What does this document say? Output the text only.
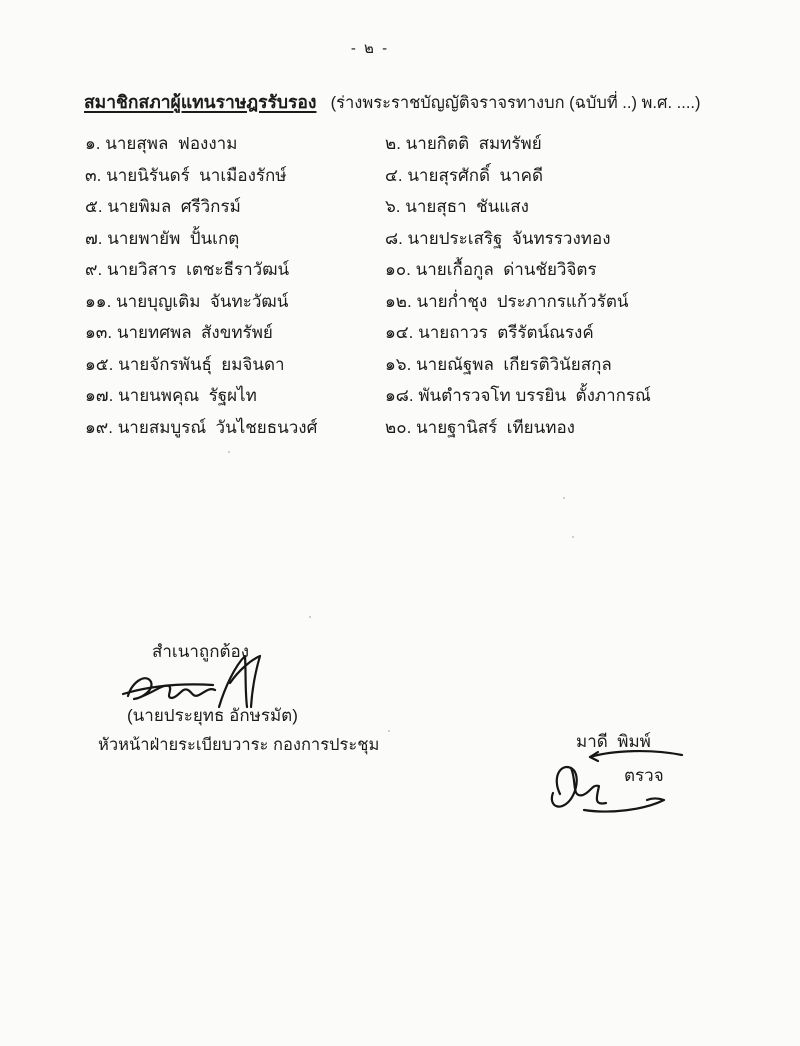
- ๒ -
สมาชิกสภาผู้แทนราษฎรรับรอง (ร่างพระราชบัญญัติจราจรทางบก (ฉบับที่ ..) พ.ศ. ....)
๑. นายสุพล  ฟองงาม	๒. นายกิตติ  สมทรัพย์
๓. นายนิรันดร์  นาเมืองรักษ์	๔. นายสุรศักดิ์  นาคดี
๕. นายพิมล  ศรีวิกรม์	๖. นายสุธา  ชันแสง
๗. นายพายัพ  ปั้นเกตุ	๘. นายประเสริฐ  จันทรรวงทอง
๙. นายวิสาร  เตชะธีราวัฒน์	๑๐. นายเกื้อกูล  ด่านชัยวิจิตร
๑๑. นายบุญเติม  จันทะวัฒน์	๑๒. นายก่ำชุง  ประภากรแก้วรัตน์
๑๓. นายทศพล  สังขทรัพย์	๑๔. นายถาวร  ตรีรัตน์ณรงค์
๑๕. นายจักรพันธุ์  ยมจินดา	๑๖. นายณัฐพล  เกียรติวินัยสกุล
๑๗. นายนพคุณ  รัฐผไท	๑๘. พันตำรวจโท บรรยิน  ตั้งภากรณ์
๑๙. นายสมบูรณ์  วันไชยธนวงศ์	๒๐. นายฐานิสร์  เทียนทอง
สำเนาถูกต้อง
(นายประยุทธ อักษรมัต)
หัวหน้าฝ่ายระเบียบวาระ กองการประชุม	มาดี  พิมพ์
ตรวจ
